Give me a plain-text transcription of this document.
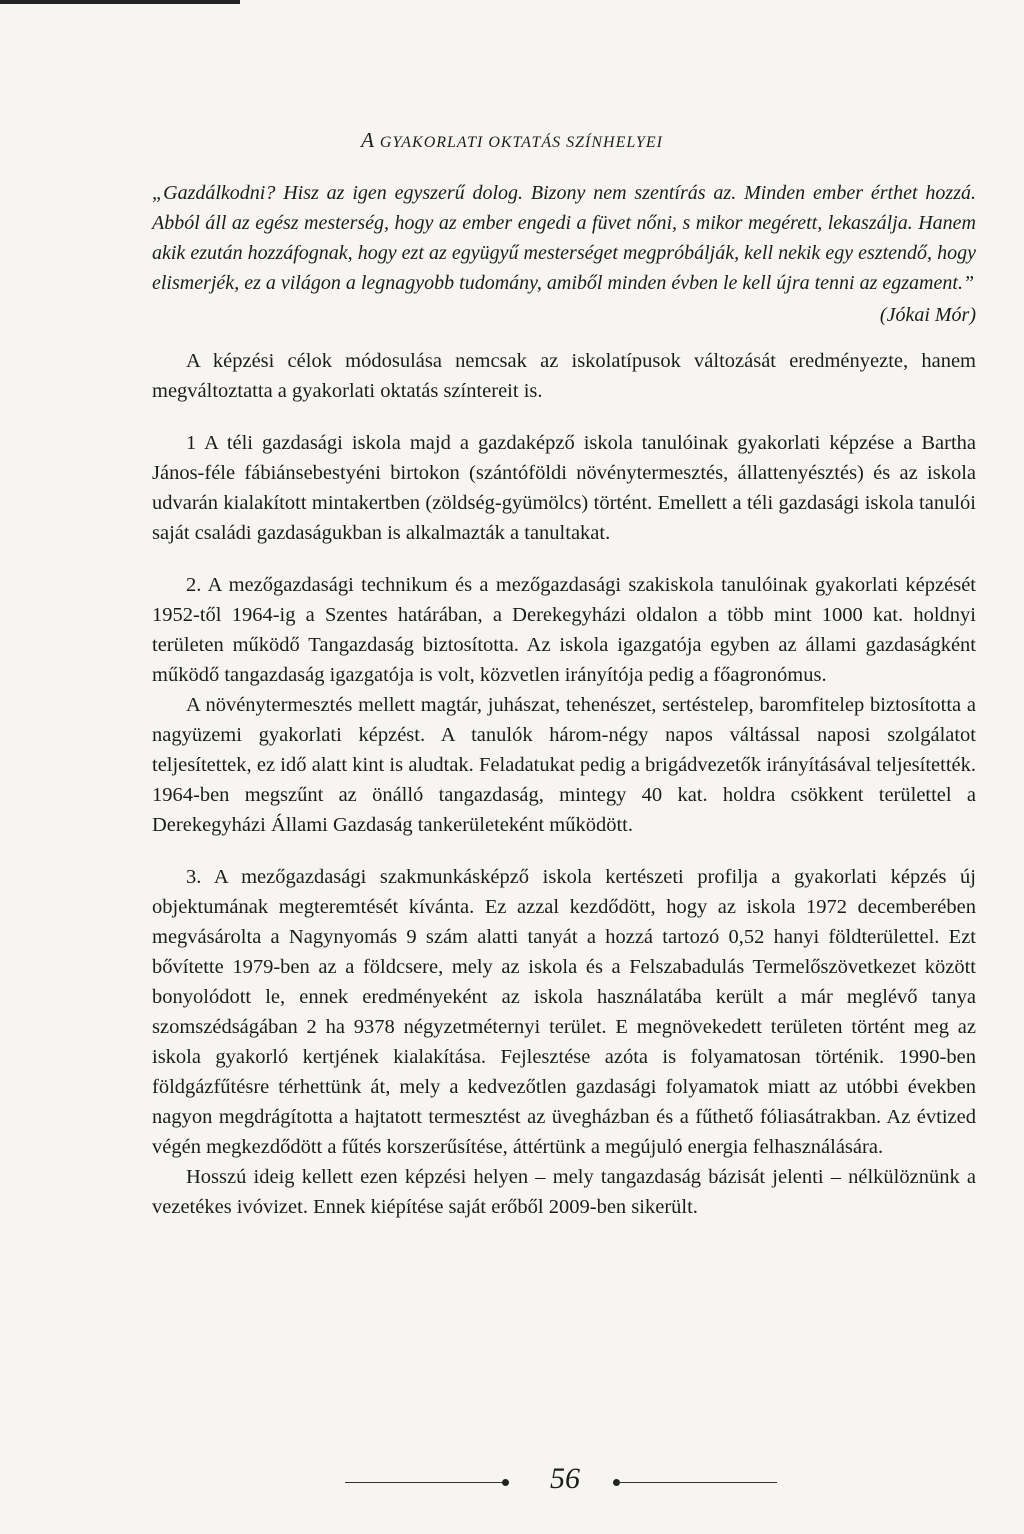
A GYAKORLATI OKTATÁS SZÍNHELYEI

„Gazdálkodni? Hisz az igen egyszerű dolog. Bizony nem szentírás az. Minden ember érthet hozzá. Abból áll az egész mesterség, hogy az ember engedi a füvet nőni, s mikor megérett, lekaszálja. Hanem akik ezután hozzáfognak, hogy ezt az együgyű mesterséget megpróbálják, kell nekik egy esztendő, hogy elismerjék, ez a világon a legnagyobb tudomány, amiből minden évben le kell újra tenni az egzament.”

(Jókai Mór)

A képzési célok módosulása nemcsak az iskolatípusok változását eredményezte, hanem megváltoztatta a gyakorlati oktatás színtereit is.

1 A téli gazdasági iskola majd a gazdaképző iskola tanulóinak gyakorlati képzése a Bartha János-féle fábiánsebestyéni birtokon (szántóföldi növénytermesztés, állattenyésztés) és az iskola udvarán kialakított mintakertben (zöldség-gyümölcs) történt. Emellett a téli gazdasági iskola tanulói saját családi gazdaságukban is alkalmazták a tanultakat.

2. A mezőgazdasági technikum és a mezőgazdasági szakiskola tanulóinak gyakorlati képzését 1952-től 1964-ig a Szentes határában, a Derekegyházi oldalon a több mint 1000 kat. holdnyi területen működő Tangazdaság biztosította. Az iskola igazgatója egyben az állami gazdaságként működő tangazdaság igazgatója is volt, közvetlen irányítója pedig a főagronómus.

A növénytermesztés mellett magtár, juhászat, tehenészet, sertéstelep, baromfitelep biztosította a nagyüzemi gyakorlati képzést. A tanulók három-négy napos váltással naposi szolgálatot teljesítettek, ez idő alatt kint is aludtak. Feladatukat pedig a brigádvezetők irányításával teljesítették. 1964-ben megszűnt az önálló tangazdaság, mintegy 40 kat. holdra csökkent területtel a Derekegyházi Állami Gazdaság tankerületeként működött.

3. A mezőgazdasági szakmunkásképző iskola kertészeti profilja a gyakorlati képzés új objektumának megteremtését kívánta. Ez azzal kezdődött, hogy az iskola 1972 decemberében megvásárolta a Nagynyomás 9 szám alatti tanyát a hozzá tartozó 0,52 hanyi földterülettel. Ezt bővítette 1979-ben az a földcsere, mely az iskola és a Felszabadulás Termelőszövetkezet között bonyolódott le, ennek eredményeként az iskola használatába került a már meglévő tanya szomszédságában 2 ha 9378 négyzetméternyi terület. E megnövekedett területen történt meg az iskola gyakorló kertjének kialakítása. Fejlesztése azóta is folyamatosan történik. 1990-ben földgázfűtésre térhettünk át, mely a kedvezőtlen gazdasági folyamatok miatt az utóbbi években nagyon megdrágította a hajtatott termesztést az üvegházban és a fűthető fóliasátrakban. Az évtized végén megkezdődött a fűtés korszerűsítése, áttértünk a megújuló energia felhasználására.

Hosszú ideig kellett ezen képzési helyen – mely tangazdaság bázisát jelenti – nélkülöznünk a vezetékes ivóvizet. Ennek kiépítése saját erőből 2009-ben sikerült.

56
